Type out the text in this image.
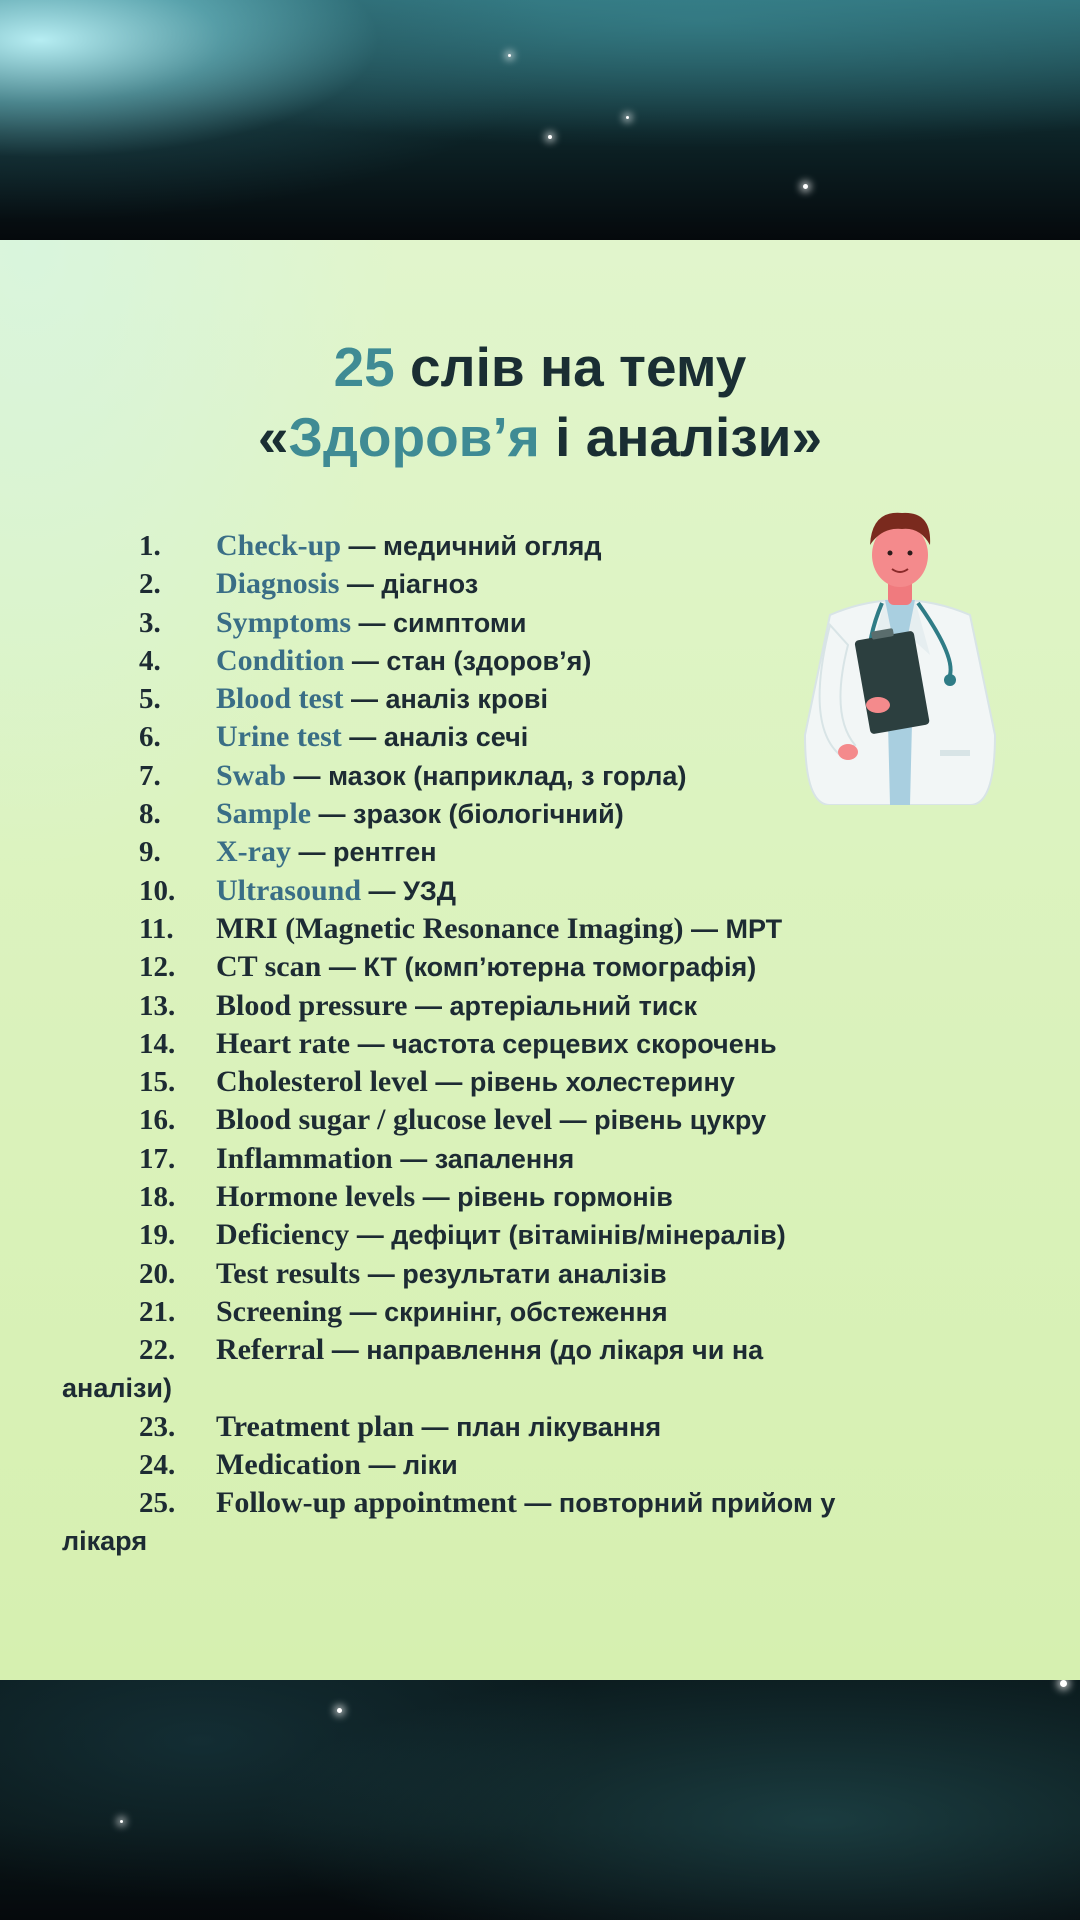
25 слів на тему
«Здоров’я і аналізи»
1. Check-up — медичний огляд
2. Diagnosis — діагноз
3. Symptoms — симптоми
4. Condition — стан (здоров’я)
5. Blood test — аналіз крові
6. Urine test — аналіз сечі
7. Swab — мазок (наприклад, з горла)
8. Sample — зразок (біологічний)
9. X-ray — рентген
10. Ultrasound — УЗД
11. MRI (Magnetic Resonance Imaging) — МРТ
12. CT scan — КТ (комп’ютерна томографія)
13. Blood pressure — артеріальний тиск
14. Heart rate — частота серцевих скорочень
15. Cholesterol level — рівень холестерину
16. Blood sugar / glucose level — рівень цукру
17. Inflammation — запалення
18. Hormone levels — рівень гормонів
19. Deficiency — дефіцит (вітамінів/мінералів)
20. Test results — результати аналізів
21. Screening — скринінг, обстеження
22. Referral — направлення (до лікаря чи на
аналізи)
23. Treatment plan — план лікування
24. Medication — ліки
25. Follow-up appointment — повторний прийом у
лікаря
